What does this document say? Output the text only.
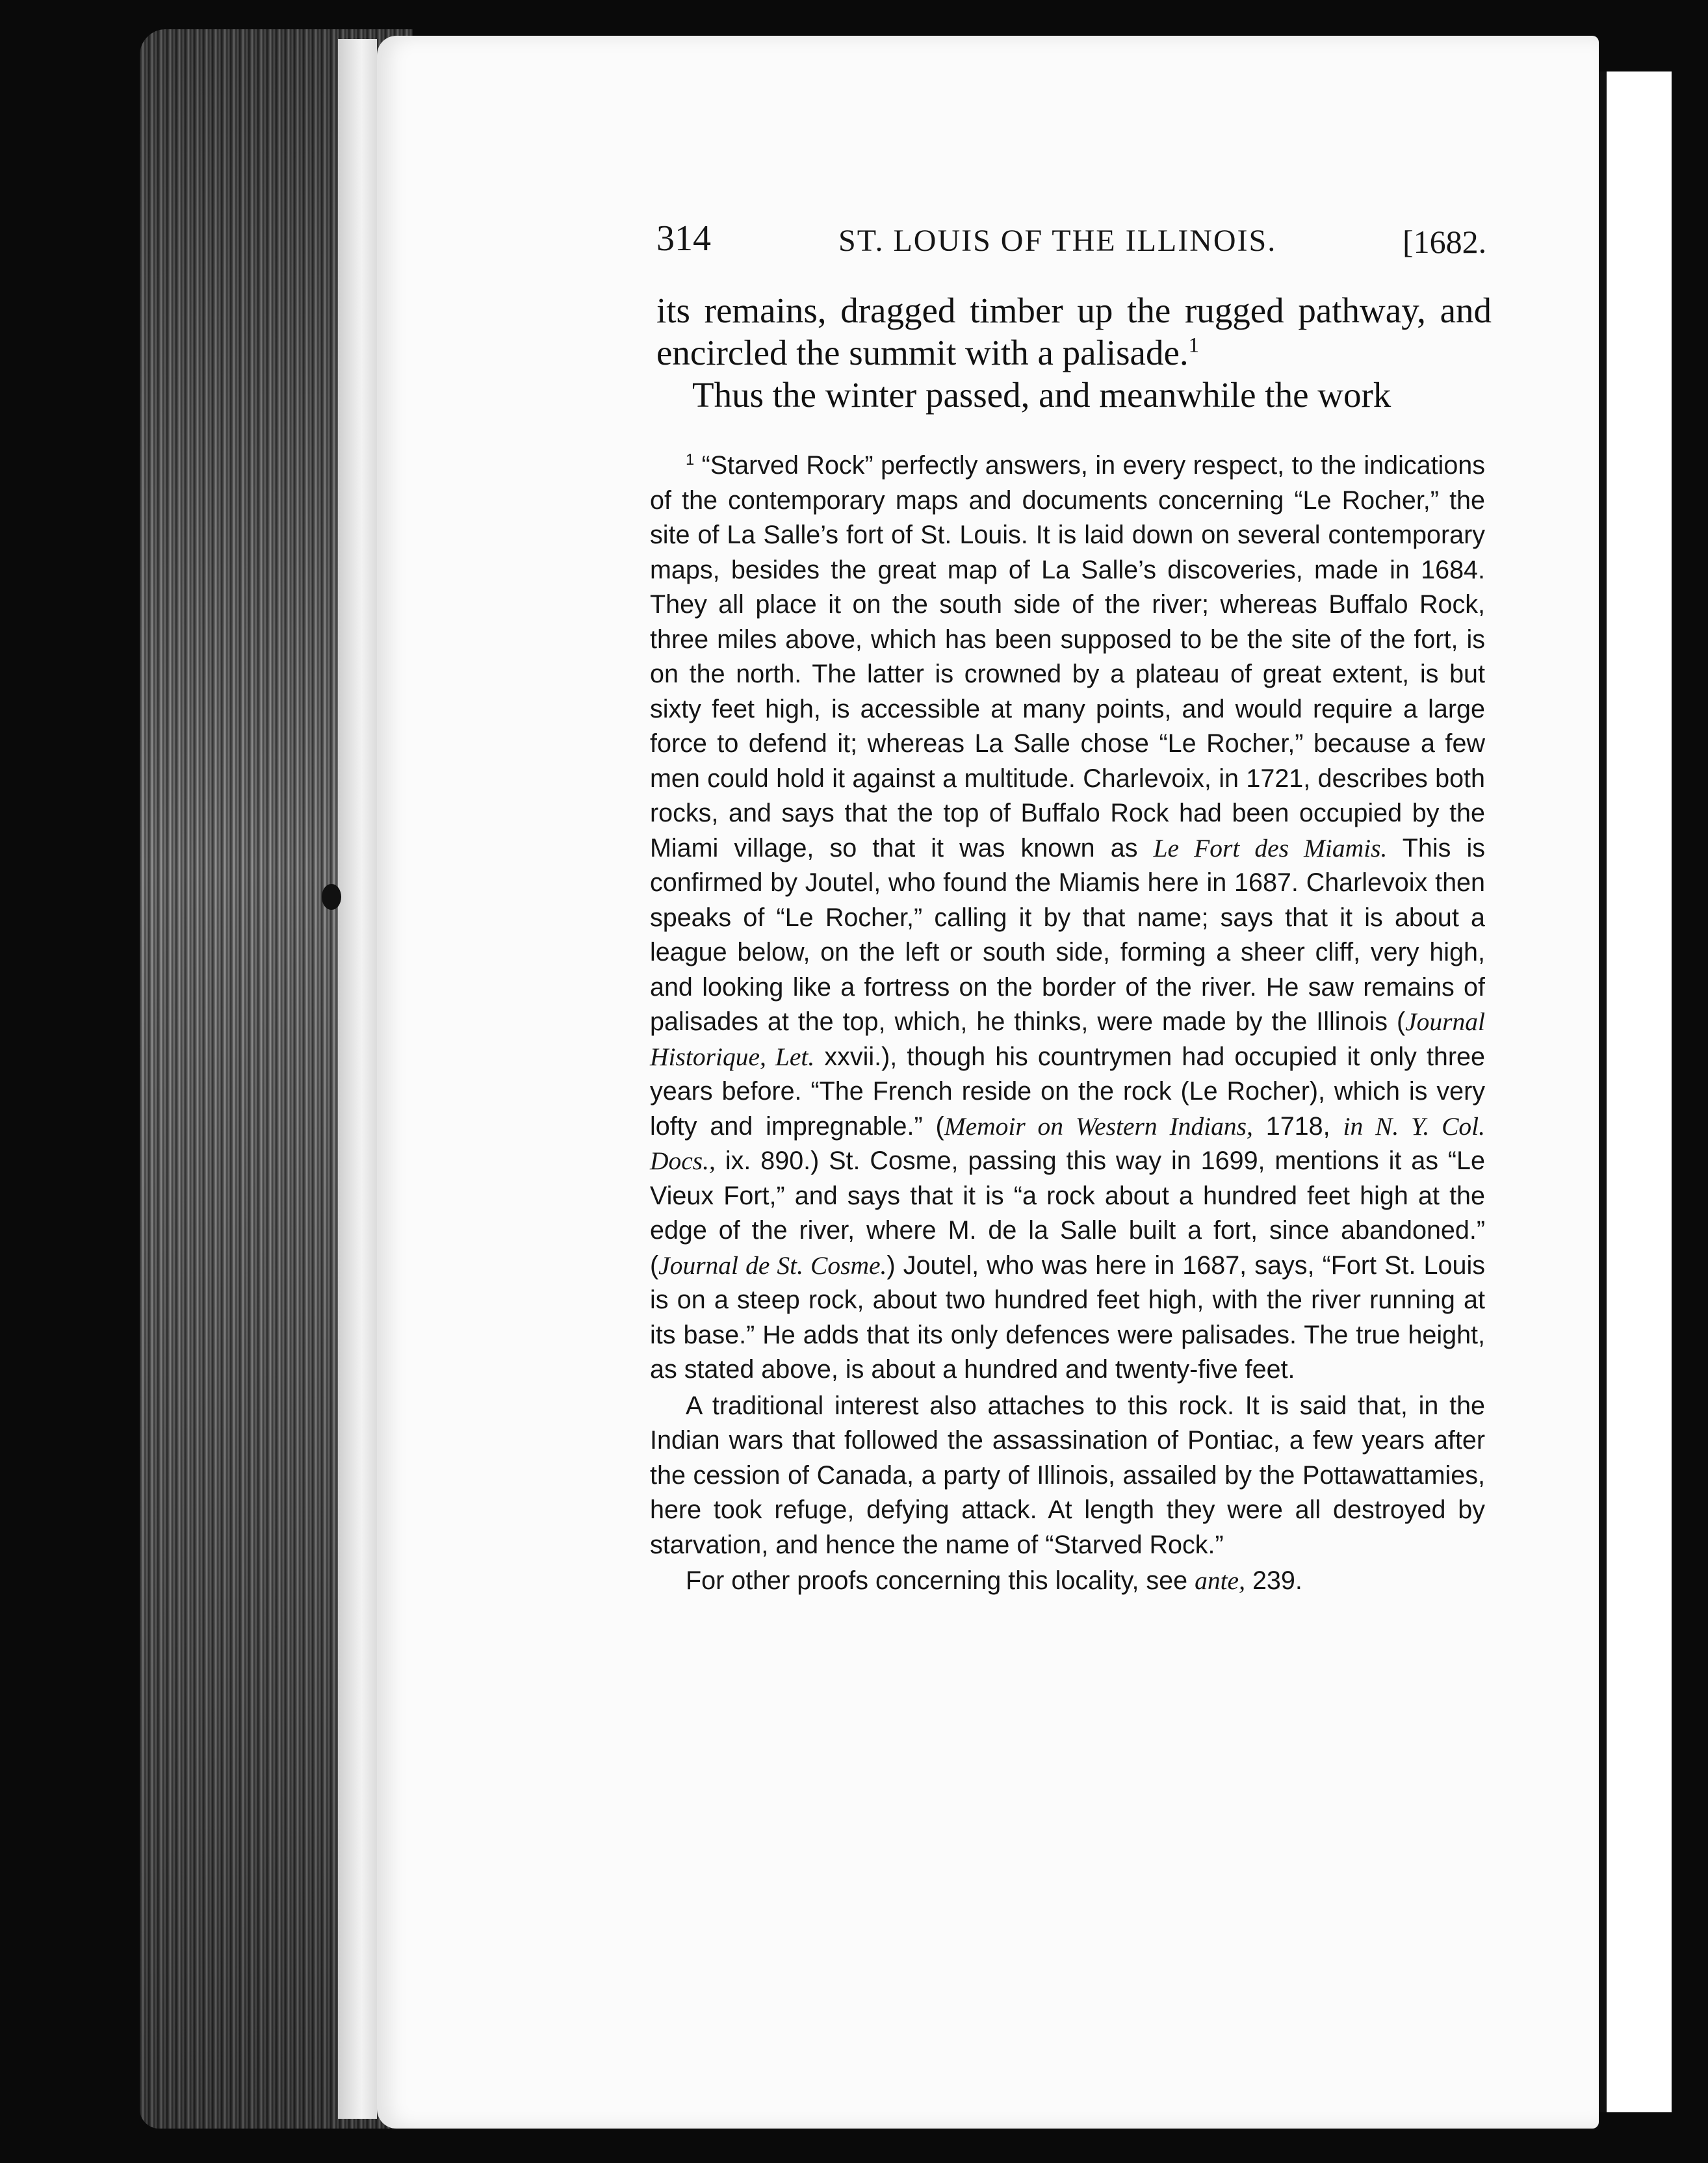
314	ST. LOUIS OF THE ILLINOIS.	[1682.

its remains, dragged timber up the rugged pathway, and encircled the summit with a palisade.$^1$

Thus the winter passed, and meanwhile the work

$^1$ “Starved Rock” perfectly answers, in every respect, to the indications of the contemporary maps and documents concerning “Le Rocher,” the site of La Salle’s fort of St. Louis. It is laid down on several contemporary maps, besides the great map of La Salle’s discoveries, made in 1684. They all place it on the south side of the river; whereas Buffalo Rock, three miles above, which has been supposed to be the site of the fort, is on the north. The latter is crowned by a plateau of great extent, is but sixty feet high, is accessible at many points, and would require a large force to defend it; whereas La Salle chose “Le Rocher,” because a few men could hold it against a multitude. Charlevoix, in 1721, describes both rocks, and says that the top of Buffalo Rock had been occupied by the Miami village, so that it was known as Le Fort des Miamis. This is confirmed by Joutel, who found the Miamis here in 1687. Charlevoix then speaks of “Le Rocher,” calling it by that name; says that it is about a league below, on the left or south side, forming a sheer cliff, very high, and looking like a fortress on the border of the river. He saw remains of palisades at the top, which, he thinks, were made by the Illinois (Journal Historique, Let. xxvii.), though his countrymen had occupied it only three years before. “The French reside on the rock (Le Rocher), which is very lofty and impregnable.” (Memoir on Western Indians, 1718, in N. Y. Col. Docs., ix. 890.) St. Cosme, passing this way in 1699, mentions it as “Le Vieux Fort,” and says that it is “a rock about a hundred feet high at the edge of the river, where M. de la Salle built a fort, since abandoned.” (Journal de St. Cosme.) Joutel, who was here in 1687, says, “Fort St. Louis is on a steep rock, about two hundred feet high, with the river running at its base.” He adds that its only defences were palisades. The true height, as stated above, is about a hundred and twenty-five feet.

A traditional interest also attaches to this rock. It is said that, in the Indian wars that followed the assassination of Pontiac, a few years after the cession of Canada, a party of Illinois, assailed by the Pottawattamies, here took refuge, defying attack. At length they were all destroyed by starvation, and hence the name of “Starved Rock.”

For other proofs concerning this locality, see ante, 239.
